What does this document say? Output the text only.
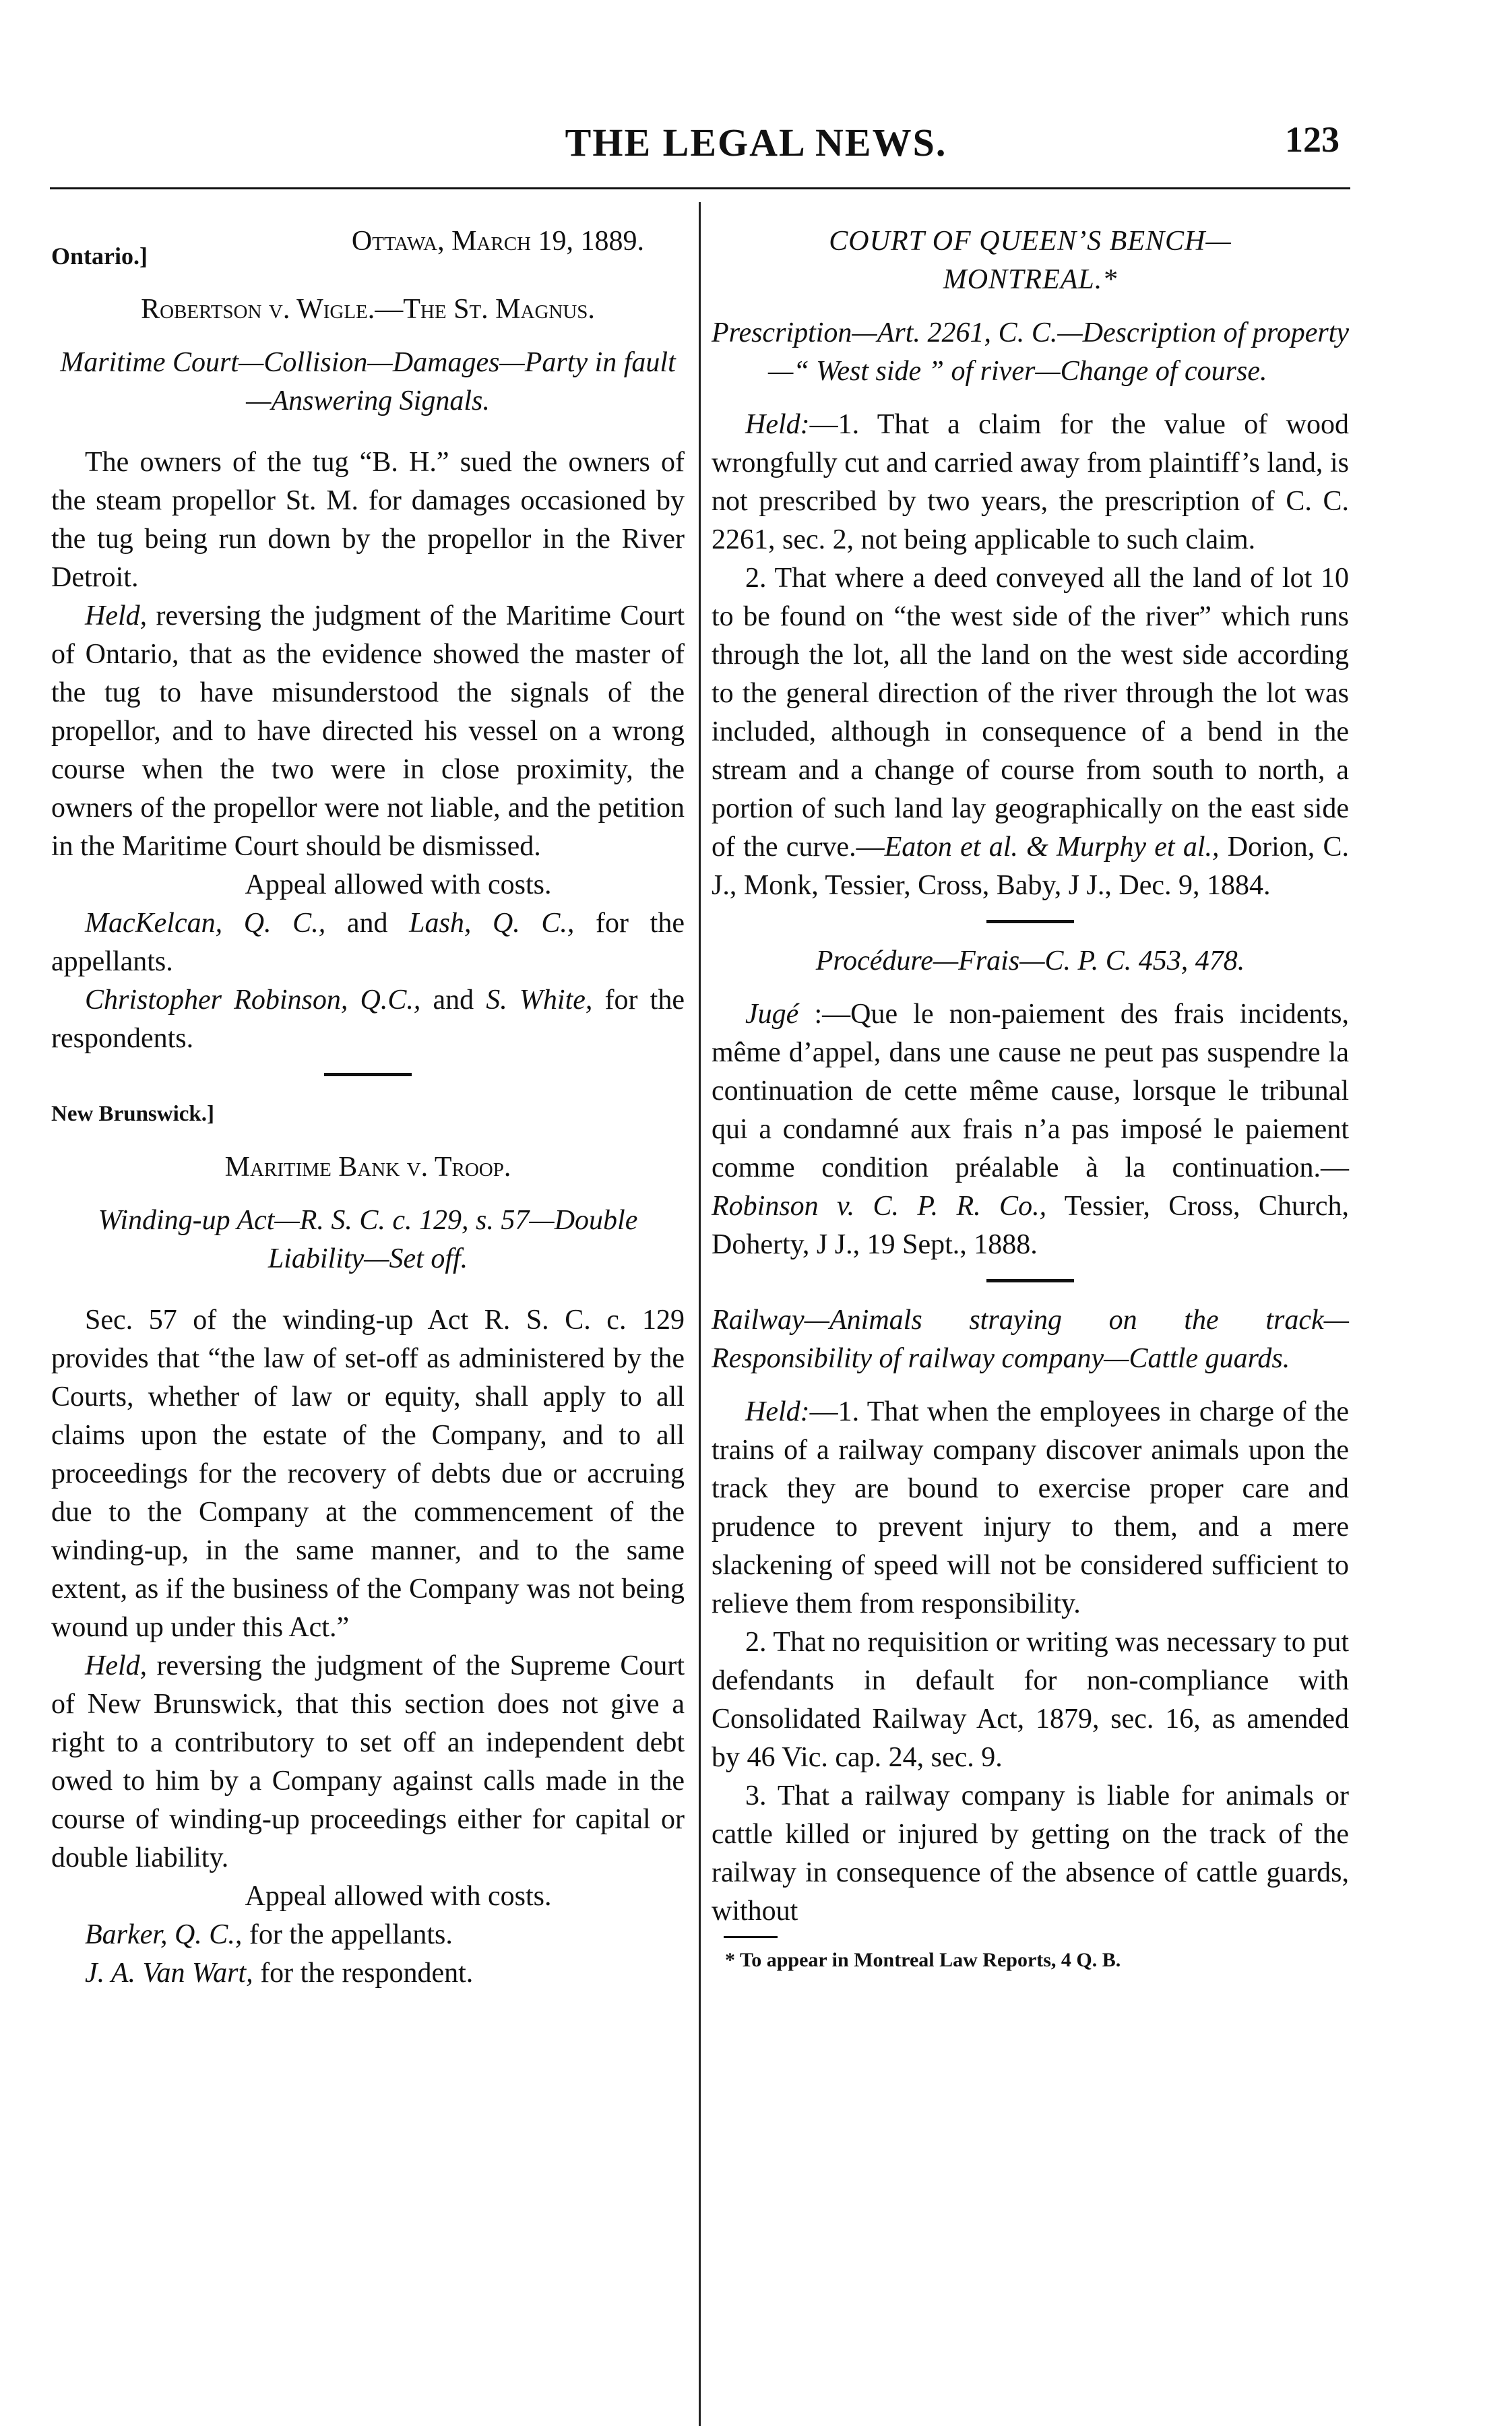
THE LEGAL NEWS.	123
Ontario.]	Ottawa, March 19, 1889.

Robertson v. Wigle.—The St. Magnus.

Maritime Court—Collision—Damages—Party in fault—Answering Signals.

The owners of the tug “B. H.” sued the owners of the steam propellor St. M. for damages occasioned by the tug being run down by the propellor in the River Detroit.

Held, reversing the judgment of the Maritime Court of Ontario, that as the evidence showed the master of the tug to have misunderstood the signals of the propellor, and to have directed his vessel on a wrong course when the two were in close proximity, the owners of the propellor were not liable, and the petition in the Maritime Court should be dismissed.

Appeal allowed with costs.

MacKelcan, Q. C., and Lash, Q. C., for the appellants.

Christopher Robinson, Q.C., and S. White, for the respondents.

New Brunswick.]

Maritime Bank v. Troop.

Winding-up Act—R. S. C. c. 129, s. 57—Double Liability—Set off.

Sec. 57 of the winding-up Act R. S. C. c. 129 provides that “the law of set-off as administered by the Courts, whether of law or equity, shall apply to all claims upon the estate of the Company, and to all proceedings for the recovery of debts due or accruing due to the Company at the commencement of the winding-up, in the same manner, and to the same extent, as if the business of the Company was not being wound up under this Act.”

Held, reversing the judgment of the Supreme Court of New Brunswick, that this section does not give a right to a contributory to set off an independent debt owed to him by a Company against calls made in the course of winding-up proceedings either for capital or double liability.

Appeal allowed with costs.

Barker, Q. C., for the appellants.

J. A. Van Wart, for the respondent.

COURT OF QUEEN’S BENCH—

MONTREAL.*

Prescription—Art. 2261, C. C.—Description of property—“ West side ” of river—Change of course.

Held:—1. That a claim for the value of wood wrongfully cut and carried away from plaintiff’s land, is not prescribed by two years, the prescription of C. C. 2261, sec. 2, not being applicable to such claim.

2. That where a deed conveyed all the land of lot 10 to be found on “the west side of the river” which runs through the lot, all the land on the west side according to the general direction of the river through the lot was included, although in consequence of a bend in the stream and a change of course from south to north, a portion of such land lay geographically on the east side of the curve.—Eaton et al. & Murphy et al., Dorion, C. J., Monk, Tessier, Cross, Baby, J J., Dec. 9, 1884.

Procédure—Frais—C. P. C. 453, 478.

Jugé :—Que le non-paiement des frais incidents, même d’appel, dans une cause ne peut pas suspendre la continuation de cette même cause, lorsque le tribunal qui a condamné aux frais n’a pas imposé le paiement comme condition préalable à la continuation.—Robinson v. C. P. R. Co., Tessier, Cross, Church, Doherty, J J., 19 Sept., 1888.

Railway—Animals straying on the track—Responsibility of railway company—Cattle guards.

Held:—1. That when the employees in charge of the trains of a railway company discover animals upon the track they are bound to exercise proper care and prudence to prevent injury to them, and a mere slackening of speed will not be considered sufficient to relieve them from responsibility.

2. That no requisition or writing was necessary to put defendants in default for non-compliance with Consolidated Railway Act, 1879, sec. 16, as amended by 46 Vic. cap. 24, sec. 9.

3. That a railway company is liable for animals or cattle killed or injured by getting on the track of the railway in consequence of the absence of cattle guards, without

* To appear in Montreal Law Reports, 4 Q. B.
